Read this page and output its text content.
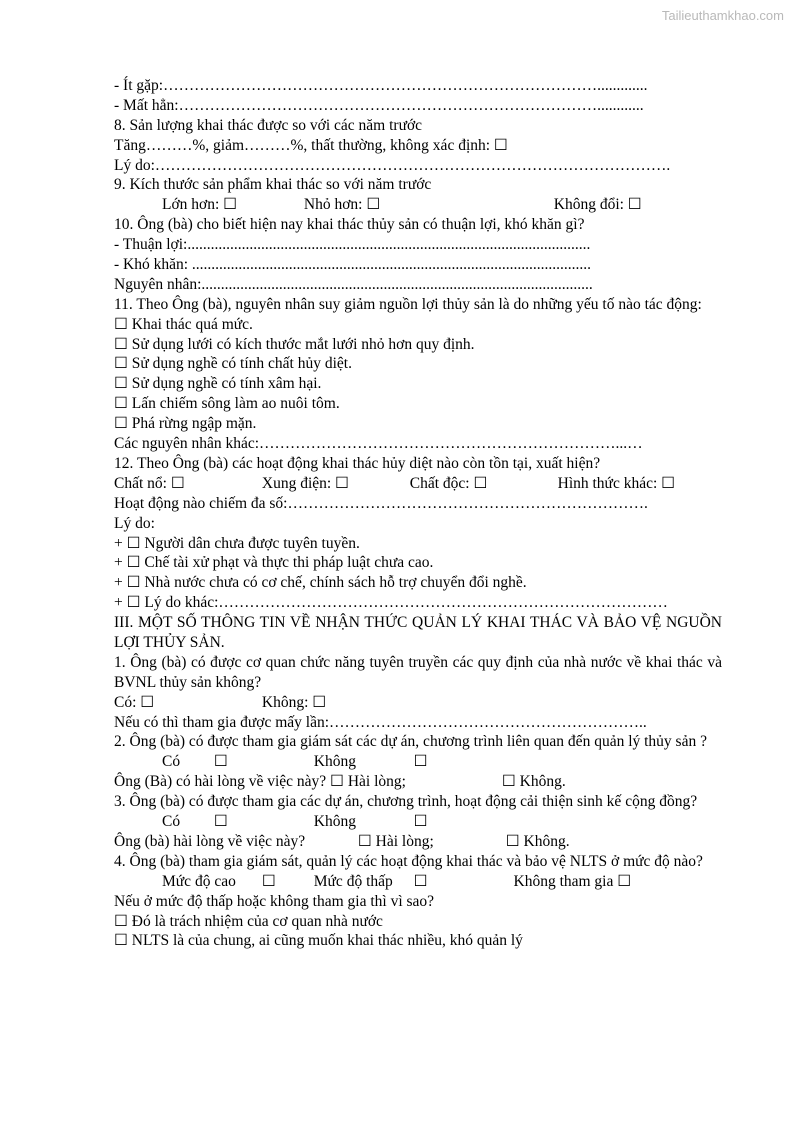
Tailieuthamkhao.com
- Ít gặp:………………………………………………………………………….............
- Mất hẳn:………………………………………………………………………............
8. Sản lượng khai thác được so với các năm trước
Tăng………%, giảm………%, thất thường, không xác định: ☐
Lý do:……………………………………………………………………………………….
9. Kích thước sản phẩm khai thác so với năm trước
Lớn hơn: ☐	Nhỏ hơn: ☐	Không đổi: ☐
10. Ông (bà) cho biết hiện nay khai thác thủy sản có thuận lợi, khó khăn gì?
- Thuận lợi:........................................................................................................
- Khó khăn: .......................................................................................................
Nguyên nhân:.....................................................................................................
11. Theo Ông (bà), nguyên nhân suy giảm nguồn lợi thủy sản là do những yếu tố nào tác động:
☐ Khai thác quá mức.
☐ Sử dụng lưới có kích thước mắt lưới nhỏ hơn quy định.
☐ Sử dụng nghề có tính chất hủy diệt.
☐ Sử dụng nghề có tính xâm hại.
☐ Lấn chiếm sông làm ao nuôi tôm.
☐ Phá rừng ngập mặn.
Các nguyên nhân khác:……………………………………………………………...…
12. Theo Ông (bà) các hoạt động khai thác hủy diệt nào còn tồn tại, xuất hiện?
Chất nổ: ☐	Xung điện: ☐	Chất độc: ☐	Hình thức khác: ☐
Hoạt động nào chiếm đa số:…………………………………………………………….
Lý do:
+ ☐ Người dân chưa được tuyên tuyền.
+ ☐ Chế tài xử phạt và thực thi pháp luật chưa cao.
+ ☐ Nhà nước chưa có cơ chế, chính sách hỗ trợ chuyển đổi nghề.
+ ☐ Lý do khác:……………………………………………………………………………
III. MỘT SỐ THÔNG TIN VỀ NHẬN THỨC QUẢN LÝ KHAI THÁC VÀ BẢO VỆ NGUỒN LỢI THỦY SẢN.
1. Ông (bà) có được cơ quan chức năng tuyên truyền các quy định của nhà nước về khai thác và BVNL thủy sản không?
Có: ☐	Không: ☐
Nếu có thì tham gia được mấy lần:……………………………………………………..
2. Ông (bà) có được tham gia giám sát các dự án, chương trình liên quan đến quản lý thủy sản ?
Có ☐	Không	☐
Ông (Bà) có hài lòng về việc này? ☐ Hài lòng;	☐ Không.
3. Ông (bà) có được tham gia các dự án, chương trình, hoạt động cải thiện sinh kế cộng đồng?
Có ☐	Không	☐
Ông (bà) hài lòng về việc này?	☐ Hài lòng;	☐ Không.
4. Ông (bà) tham gia giám sát, quản lý các hoạt động khai thác và bảo vệ NLTS ở mức độ nào?
Mức độ cao ☐ Mức độ thấp ☐	Không tham gia ☐
Nếu ở mức độ thấp hoặc không tham gia thì vì sao?
☐ Đó là trách nhiệm của cơ quan nhà nước
☐ NLTS là của chung, ai cũng muốn khai thác nhiều, khó quản lý
